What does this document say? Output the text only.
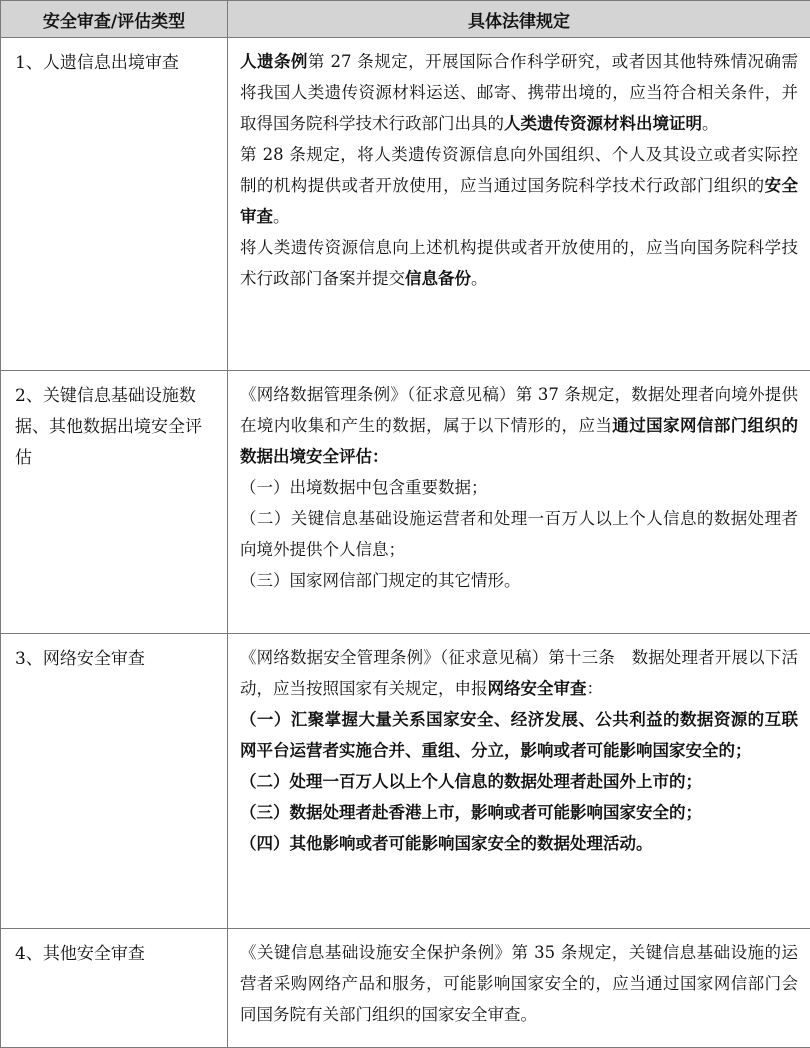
安全审查/评估类型	具体法律规定
1、人遗信息出境审查	人遗条例第 27 条规定，开展国际合作科学研究，或者因其他特殊情况确需将我国人类遗传资源材料运送、邮寄、携带出境的，应当符合相关条件，并取得国务院科学技术行政部门出具的人类遗传资源材料出境证明。

第 28 条规定，将人类遗传资源信息向外国组织、个人及其设立或者实际控制的机构提供或者开放使用，应当通过国务院科学技术行政部门组织的安全审查。

将人类遗传资源信息向上述机构提供或者开放使用的，应当向国务院科学技术行政部门备案并提交信息备份。

2、关键信息基础设施数据、其他数据出境安全评估	《网络数据管理条例》（征求意见稿）第 37 条规定，数据处理者向境外提供在境内收集和产生的数据，属于以下情形的，应当通过国家网信部门组织的数据出境安全评估：

（一）出境数据中包含重要数据；

（二）关键信息基础设施运营者和处理一百万人以上个人信息的数据处理者向境外提供个人信息；

（三）国家网信部门规定的其它情形。

3、网络安全审查	《网络数据安全管理条例》（征求意见稿）第十三条　数据处理者开展以下活动，应当按照国家有关规定，申报网络安全审查：

（一）汇聚掌握大量关系国家安全、经济发展、公共利益的数据资源的互联网平台运营者实施合并、重组、分立，影响或者可能影响国家安全的；

（二）处理一百万人以上个人信息的数据处理者赴国外上市的；

（三）数据处理者赴香港上市，影响或者可能影响国家安全的；

（四）其他影响或者可能影响国家安全的数据处理活动。

4、其他安全审查	《关键信息基础设施安全保护条例》第 35 条规定，关键信息基础设施的运营者采购网络产品和服务，可能影响国家安全的，应当通过国家网信部门会同国务院有关部门组织的国家安全审查。
